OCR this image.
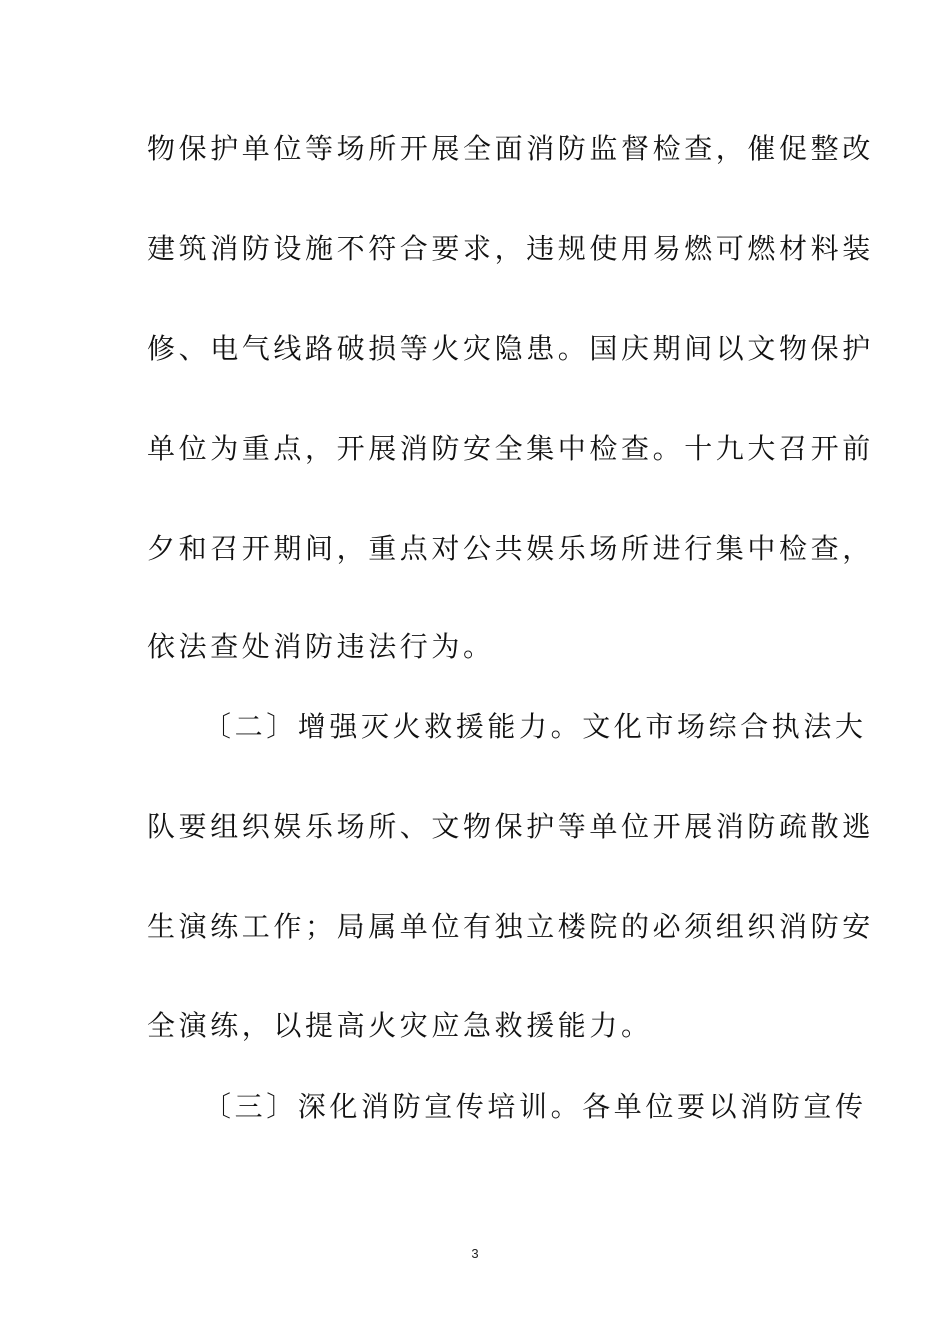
物保护单位等场所开展全面消防监督检查，催促整改
建筑消防设施不符合要求，违规使用易燃可燃材料装
修、电气线路破损等火灾隐患。国庆期间以文物保护
单位为重点，开展消防安全集中检查。十九大召开前
夕和召开期间，重点对公共娱乐场所进行集中检查，
依法查处消防违法行为。
〔二〕增强灭火救援能力。文化市场综合执法大
队要组织娱乐场所、文物保护等单位开展消防疏散逃
生演练工作；局属单位有独立楼院的必须组织消防安
全演练，以提高火灾应急救援能力。
〔三〕深化消防宣传培训。各单位要以消防宣传
3
